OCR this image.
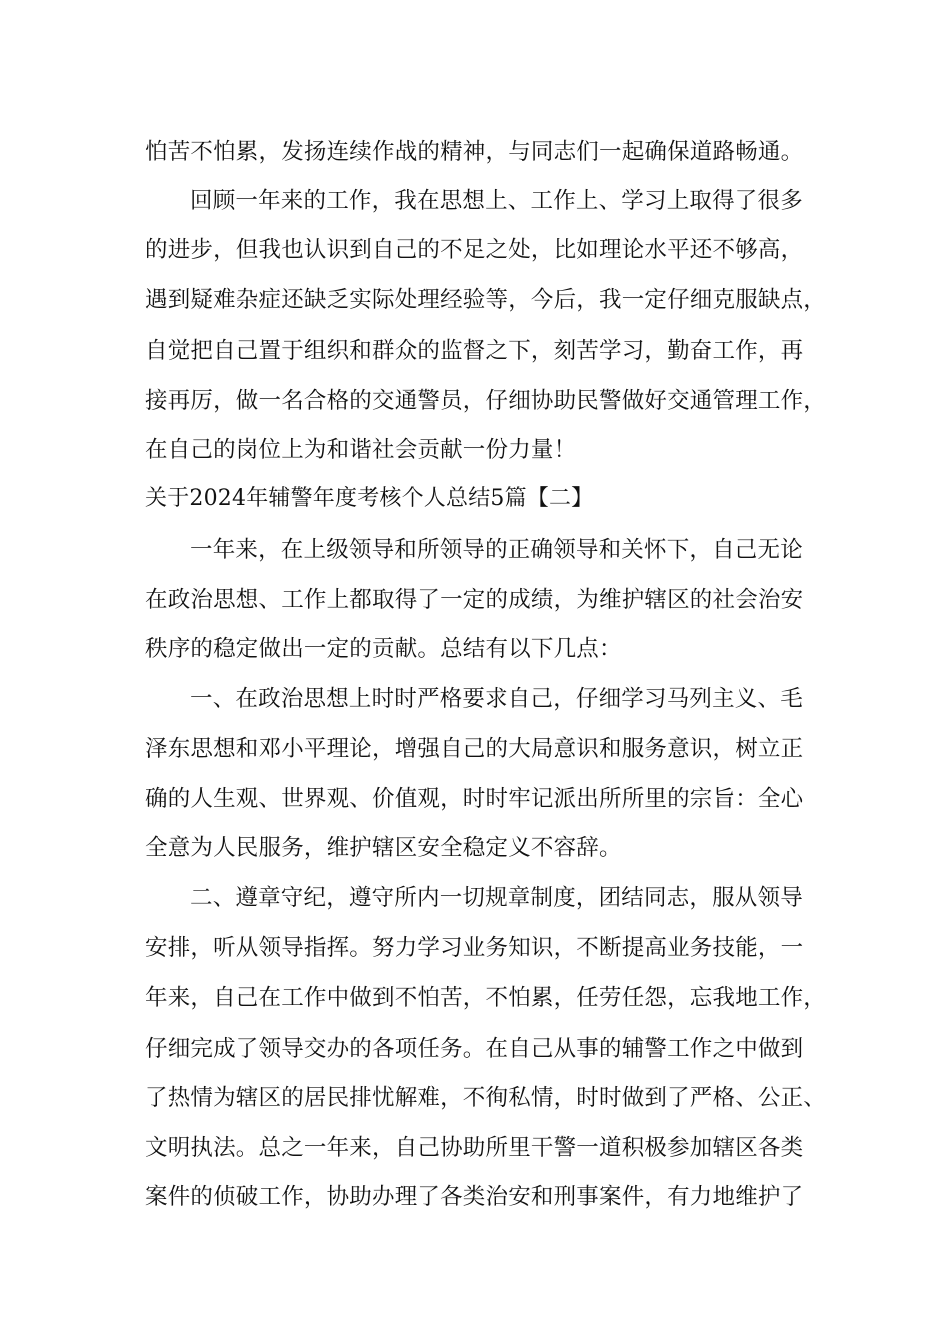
怕苦不怕累，发扬连续作战的精神，与同志们一起确保道路畅通。

回顾一年来的工作，我在思想上、工作上、学习上取得了很多

的进步，但我也认识到自己的不足之处，比如理论水平还不够高，

遇到疑难杂症还缺乏实际处理经验等，今后，我一定仔细克服缺点，

自觉把自己置于组织和群众的监督之下，刻苦学习，勤奋工作，再

接再厉，做一名合格的交通警员，仔细协助民警做好交通管理工作，

在自己的岗位上为和谐社会贡献一份力量！

关于2024年辅警年度考核个人总结5篇【二】

一年来，在上级领导和所领导的正确领导和关怀下，自己无论

在政治思想、工作上都取得了一定的成绩，为维护辖区的社会治安

秩序的稳定做出一定的贡献。总结有以下几点：

一、在政治思想上时时严格要求自己，仔细学习马列主义、毛

泽东思想和邓小平理论，增强自己的大局意识和服务意识，树立正

确的人生观、世界观、价值观，时时牢记派出所所里的宗旨：全心

全意为人民服务，维护辖区安全稳定义不容辞。

二、遵章守纪，遵守所内一切规章制度，团结同志，服从领导

安排，听从领导指挥。努力学习业务知识，不断提高业务技能，一

年来，自己在工作中做到不怕苦，不怕累，任劳任怨，忘我地工作，

仔细完成了领导交办的各项任务。在自己从事的辅警工作之中做到

了热情为辖区的居民排忧解难，不徇私情，时时做到了严格、公正、

文明执法。总之一年来，自己协助所里干警一道积极参加辖区各类

案件的侦破工作，协助办理了各类治安和刑事案件，有力地维护了
